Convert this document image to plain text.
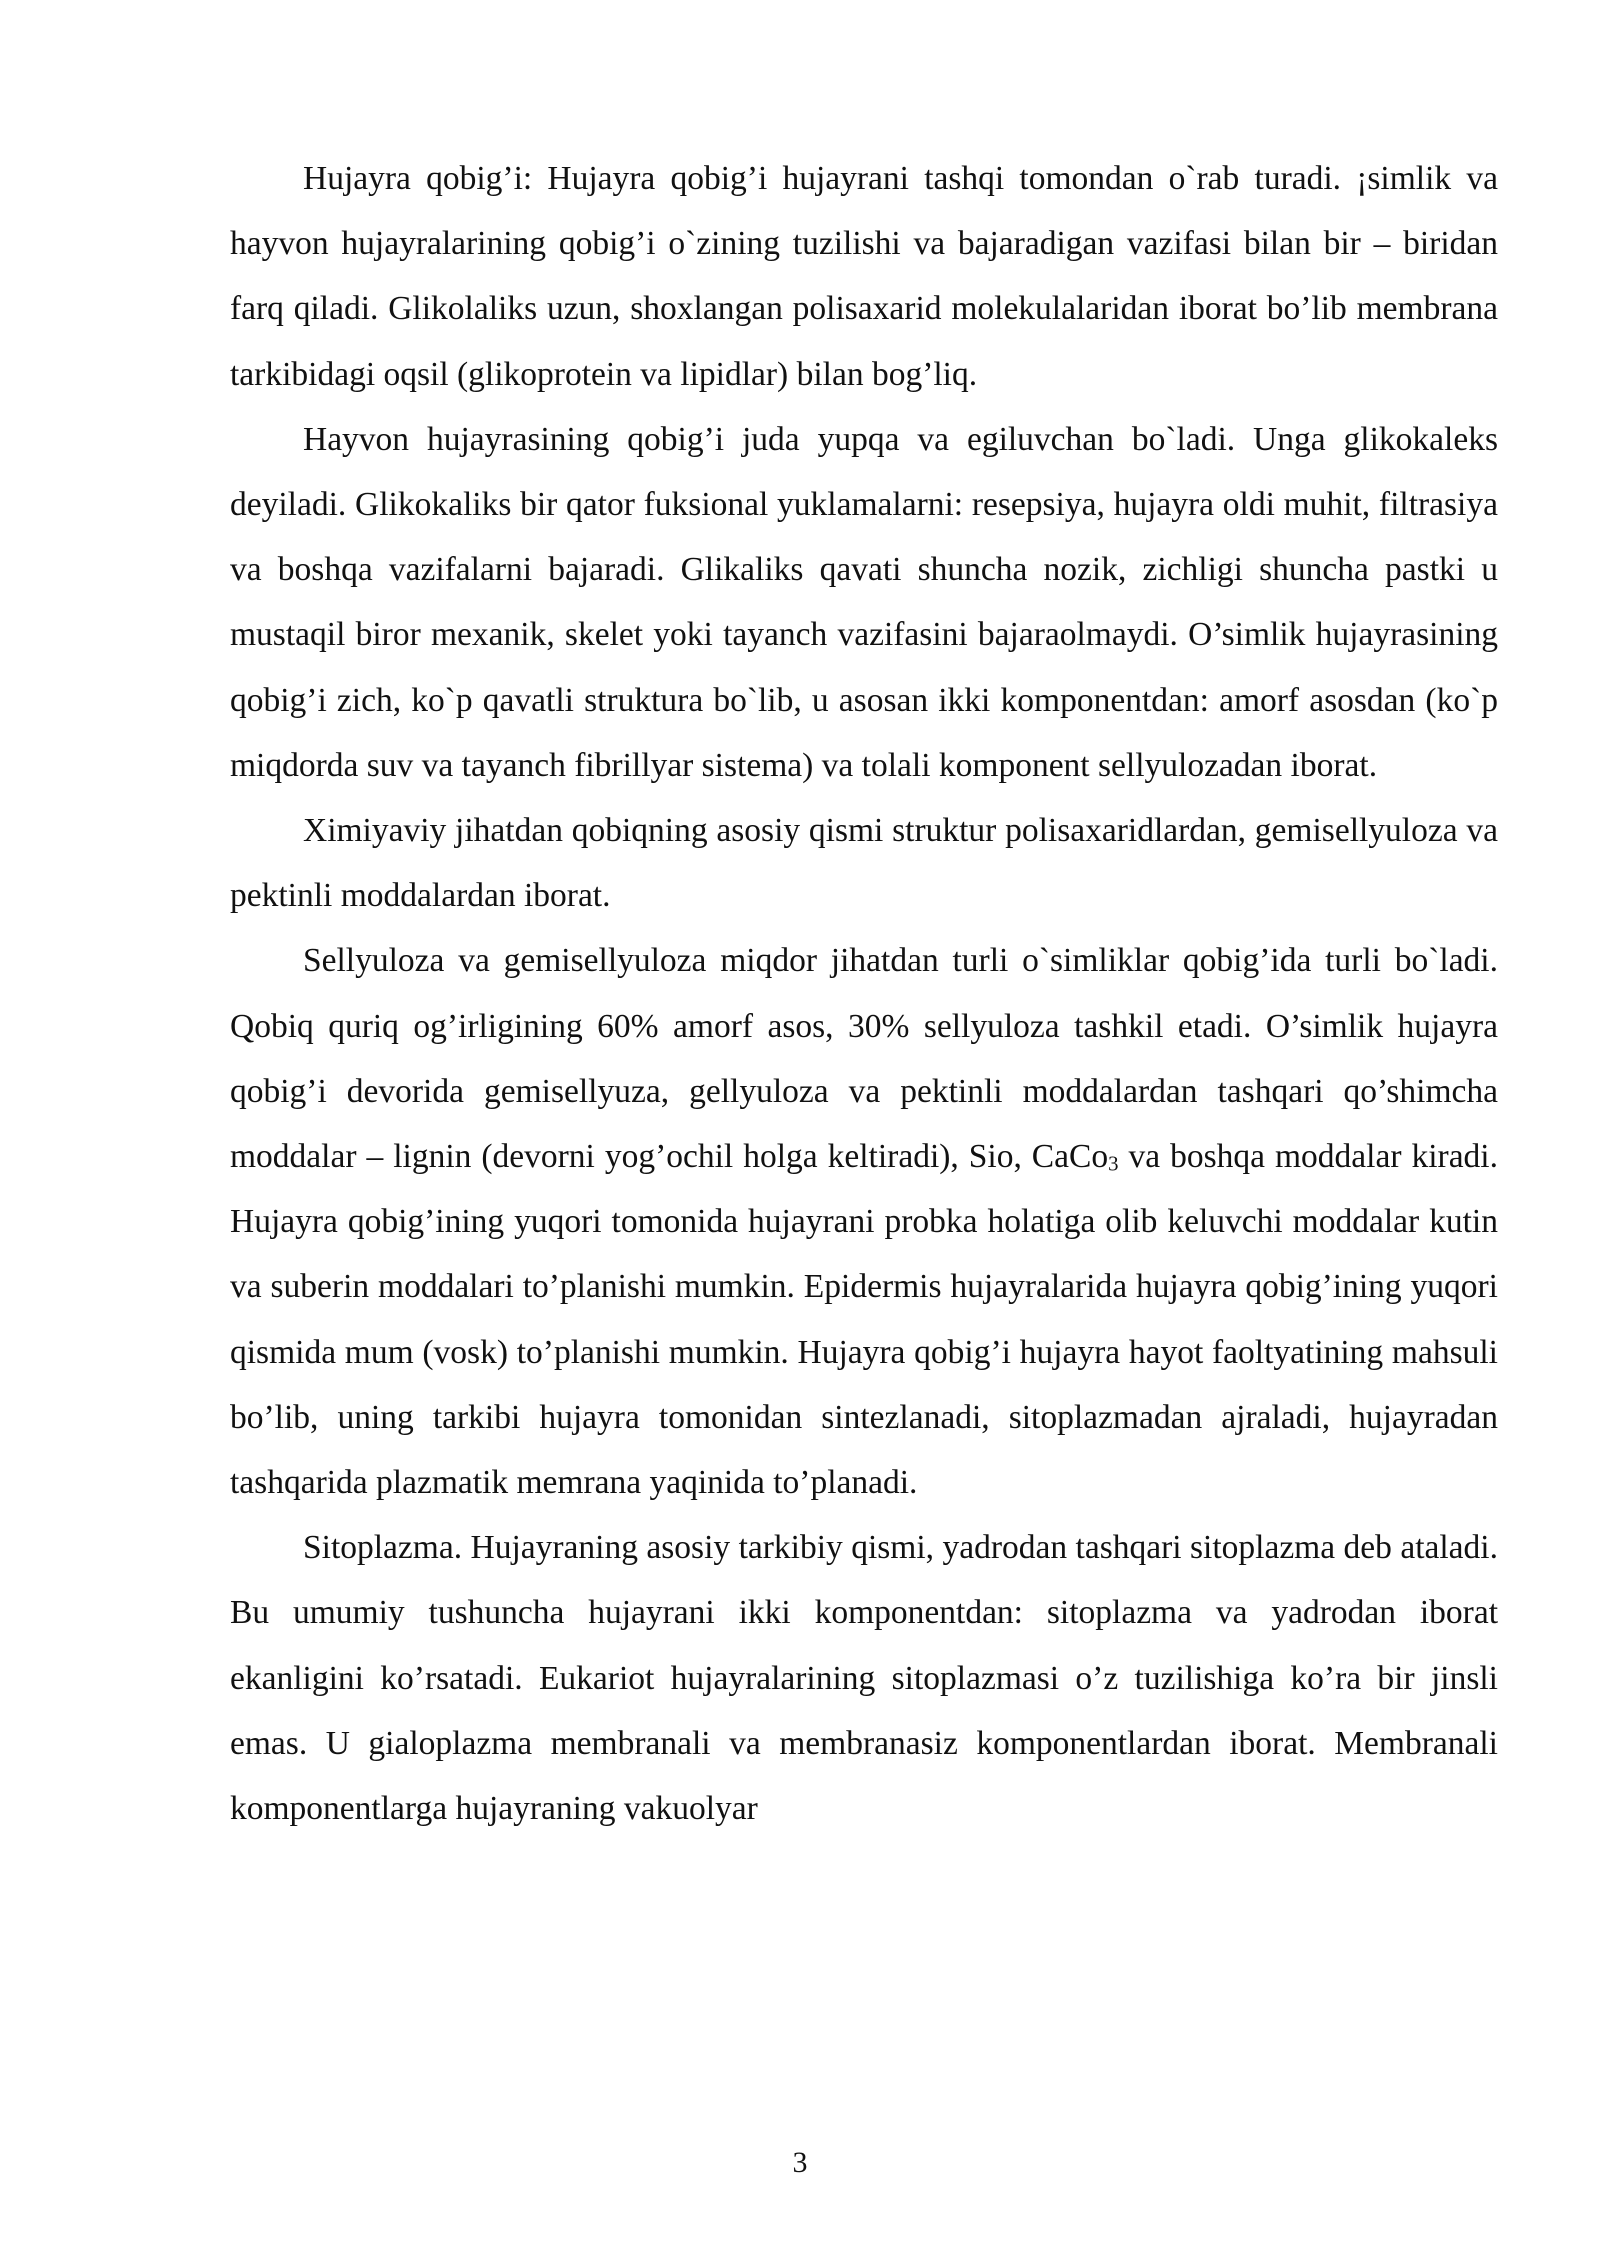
Hujayra qobig’i: Hujayra qobig’i hujayrani tashqi tomondan o`rab turadi. ¡simlik va hayvon hujayralarining qobig’i o`zining tuzilishi va bajaradigan vazifasi bilan bir – biridan farq qiladi. Glikolaliks uzun, shoxlangan polisaxarid molekulalaridan iborat bo’lib membrana tarkibidagi oqsil (glikoprotein va lipidlar) bilan bog’liq.

Hayvon hujayrasining qobig’i juda yupqa va egiluvchan bo`ladi. Unga glikokaleks deyiladi. Glikokaliks bir qator fuksional yuklamalarni: resepsiya, hujayra oldi muhit, filtrasiya va boshqa vazifalarni bajaradi. Glikaliks qavati shuncha nozik, zichligi shuncha pastki u mustaqil biror mexanik, skelet yoki tayanch vazifasini bajaraolmaydi. O’simlik hujayrasining qobig’i zich, ko`p qavatli struktura bo`lib, u asosan ikki komponentdan: amorf asosdan (ko`p miqdorda suv va tayanch fibrillyar sistema) va tolali komponent sellyulozadan iborat.

Ximiyaviy jihatdan qobiqning asosiy qismi struktur polisaxaridlardan, gemisellyuloza va pektinli moddalardan iborat.

Sellyuloza va gemisellyuloza miqdor jihatdan turli o`simliklar qobig’ida turli bo`ladi. Qobiq quriq og’irligining 60% amorf asos, 30% sellyuloza tashkil etadi. O’simlik hujayra qobig’i devorida gemisellyuza, gellyuloza va pektinli moddalardan tashqari qo’shimcha moddalar – lignin (devorni yog’ochil holga keltiradi), Sio, CaCo$_3$ va boshqa moddalar kiradi. Hujayra qobig’ining yuqori tomonida hujayrani probka holatiga olib keluvchi moddalar kutin va suberin moddalari to’planishi mumkin. Epidermis hujayralarida hujayra qobig’ining yuqori qismida mum (vosk) to’planishi mumkin. Hujayra qobig’i hujayra hayot faoltyatining mahsuli bo’lib, uning tarkibi hujayra tomonidan sintezlanadi, sitoplazmadan ajraladi, hujayradan tashqarida plazmatik memrana yaqinida to’planadi.

Sitoplazma. Hujayraning asosiy tarkibiy qismi, yadrodan tashqari sitoplazma deb ataladi. Bu umumiy tushuncha hujayrani ikki komponentdan: sitoplazma va yadrodan iborat ekanligini ko’rsatadi. Eukariot hujayralarining sitoplazmasi o’z tuzilishiga ko’ra bir jinsli emas. U gialoplazma membranali va membranasiz komponentlardan iborat. Membranali komponentlarga hujayraning vakuolyar

3
